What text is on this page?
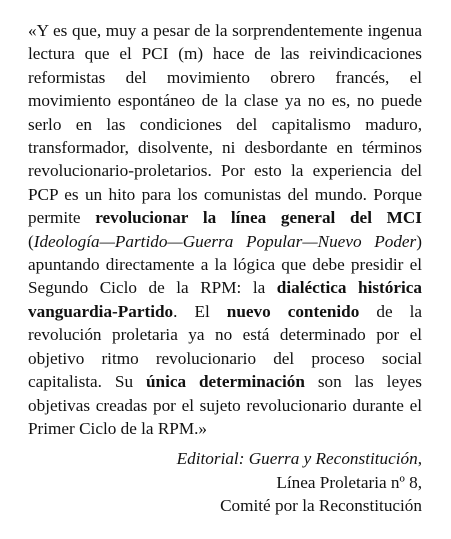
«Y es que, muy a pesar de la sorprendentemente ingenua lectura que el PCI (m) hace de las reivindicaciones reformistas del movimiento obrero francés, el movimiento espontáneo de la clase ya no es, no puede serlo en las condiciones del capitalismo maduro, transformador, disolvente, ni desbordante en términos revolucionario-proletarios. Por esto la experiencia del PCP es un hito para los comunistas del mundo. Porque permite revolucionar la línea general del MCI (Ideología—Partido—Guerra Popular—Nuevo Poder) apuntando directamente a la lógica que debe presidir el Segundo Ciclo de la RPM: la dialéctica histórica vanguardia-Partido. El nuevo contenido de la revolución proletaria ya no está determinado por el objetivo ritmo revolucionario del proceso social capitalista. Su única determinación son las leyes objetivas creadas por el sujeto revolucionario durante el Primer Ciclo de la RPM.»

Editorial: Guerra y Reconstitución,
Línea Proletaria nº 8,
Comité por la Reconstitución
